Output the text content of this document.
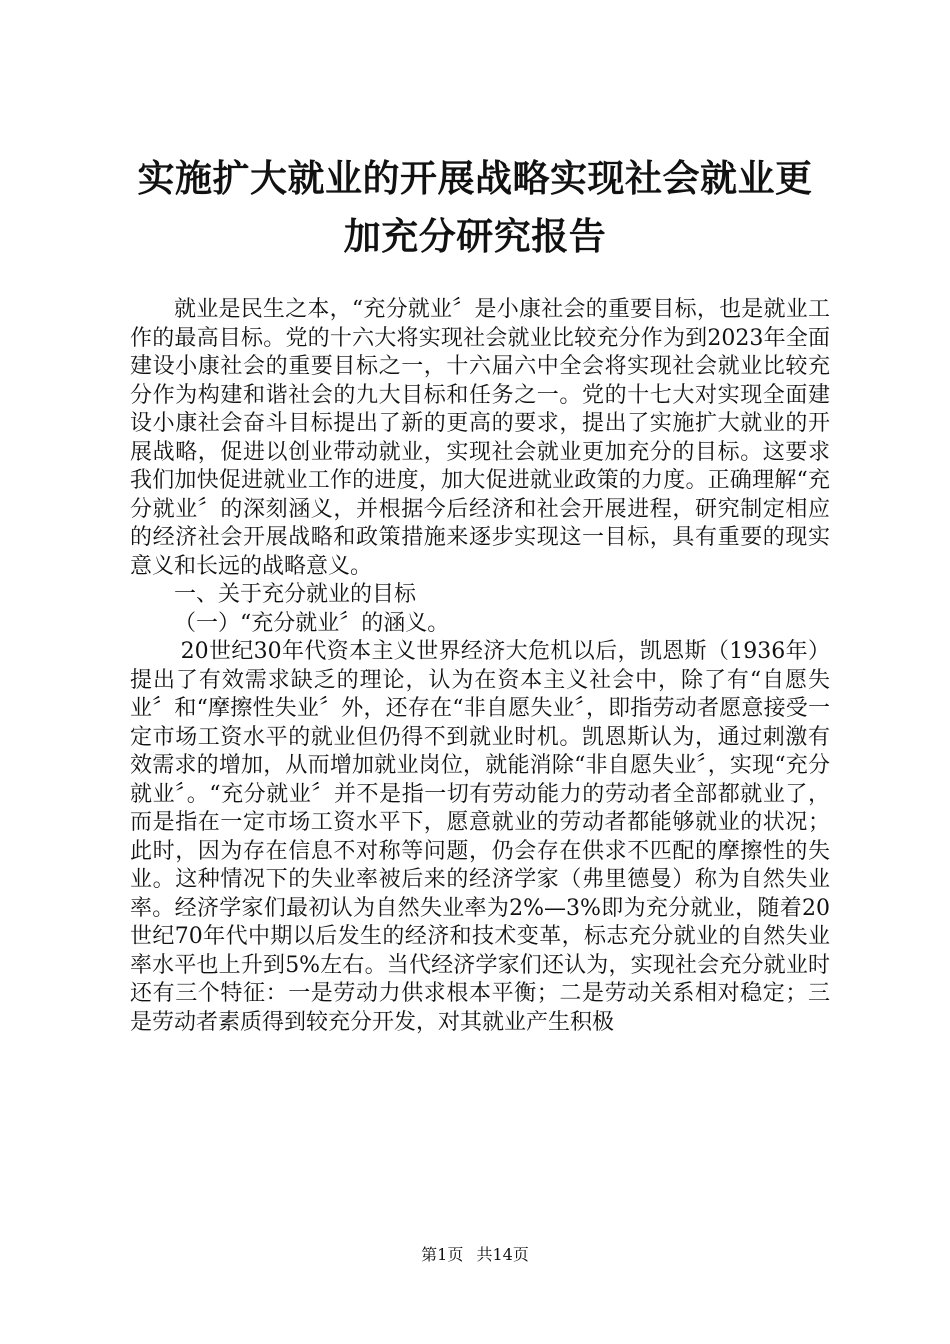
实施扩大就业的开展战略实现社会就业更加充分研究报告

就业是民生之本，“充分就业〞是小康社会的重要目标，也是就业工作的最高目标。党的十六大将实现社会就业比较充分作为到2023年全面建设小康社会的重要目标之一，十六届六中全会将实现社会就业比较充分作为构建和谐社会的九大目标和任务之一。党的十七大对实现全面建设小康社会奋斗目标提出了新的更高的要求，提出了实施扩大就业的开展战略，促进以创业带动就业，实现社会就业更加充分的目标。这要求我们加快促进就业工作的进度，加大促进就业政策的力度。正确理解“充分就业〞的深刻涵义，并根据今后经济和社会开展进程，研究制定相应的经济社会开展战略和政策措施来逐步实现这一目标，具有重要的现实意义和长远的战略意义。

一、关于充分就业的目标

（一）“充分就业〞的涵义。

20世纪30年代资本主义世界经济大危机以后，凯恩斯（1936年）提出了有效需求缺乏的理论，认为在资本主义社会中，除了有“自愿失业〞和“摩擦性失业〞外，还存在“非自愿失业〞，即指劳动者愿意接受一定市场工资水平的就业但仍得不到就业时机。凯恩斯认为，通过刺激有效需求的增加，从而增加就业岗位，就能消除“非自愿失业〞，实现“充分就业〞。“充分就业〞并不是指一切有劳动能力的劳动者全部都就业了，而是指在一定市场工资水平下，愿意就业的劳动者都能够就业的状况；此时，因为存在信息不对称等问题，仍会存在供求不匹配的摩擦性的失业。这种情况下的失业率被后来的经济学家（弗里德曼）称为自然失业率。经济学家们最初认为自然失业率为2%—3%即为充分就业，随着20世纪70年代中期以后发生的经济和技术变革，标志充分就业的自然失业率水平也上升到5%左右。当代经济学家们还认为，实现社会充分就业时还有三个特征：一是劳动力供求根本平衡；二是劳动关系相对稳定；三是劳动者素质得到较充分开发，对其就业产生积极

第1页 共14页
